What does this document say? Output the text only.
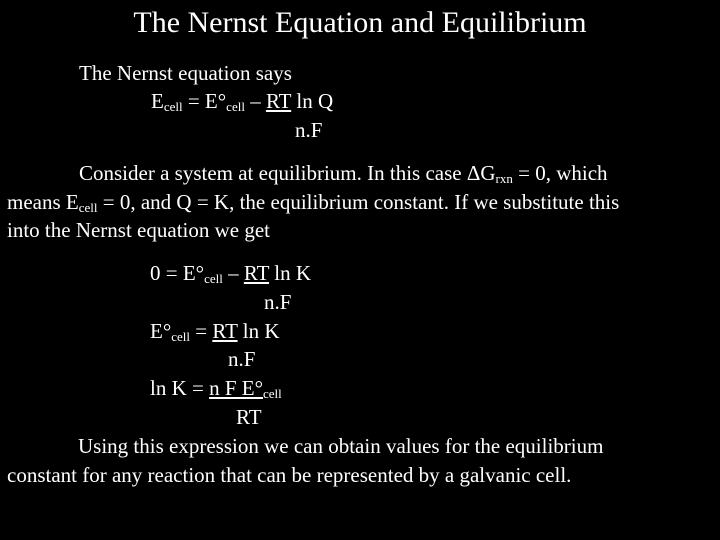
The Nernst Equation and Equilibrium
The Nernst equation says
$E_{cell} = E^\circ_{cell}$ – RT ln Q
n.F
Consider a system at equilibrium. In this case $\Delta G_{rxn} = 0$, which
means $E_{cell} = 0$, and Q = K, the equilibrium constant. If we substitute this
into the Nernst equation we get
$0 = E^\circ_{cell}$ – RT ln K
n.F
$E^\circ_{cell}$ = RT ln K
n.F
ln K = n F $E^\circ_{cell}$
RT
Using this expression we can obtain values for the equilibrium
constant for any reaction that can be represented by a galvanic cell.
